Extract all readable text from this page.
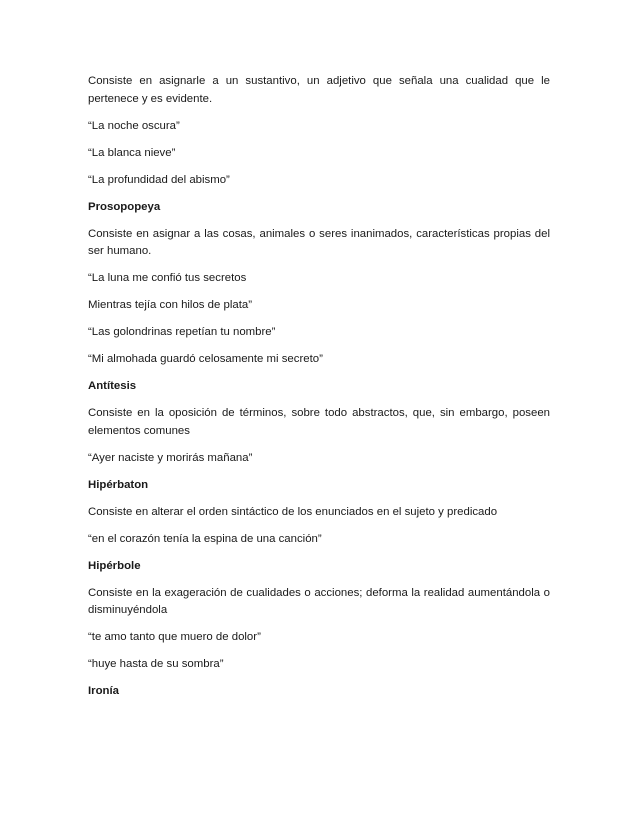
Consiste en asignarle a un sustantivo, un adjetivo que señala una cualidad que le
pertenece y es evidente.
“La noche oscura”
“La blanca nieve”
“La profundidad del abismo”
Prosopopeya
Consiste en asignar a las cosas, animales o seres inanimados, características propias del
ser humano.
“La luna me confió tus secretos
Mientras tejía con hilos de plata”
“Las golondrinas repetían tu nombre”
“Mi almohada guardó celosamente mi secreto”
Antítesis
Consiste en la oposición de términos, sobre todo abstractos, que, sin embargo, poseen
elementos comunes
“Ayer naciste y morirás mañana”
Hipérbaton
Consiste en alterar el orden sintáctico de los enunciados en el sujeto y predicado
“en el corazón tenía la espina de una canción”
Hipérbole
Consiste en la exageración de cualidades o acciones; deforma la realidad aumentándola o
disminuyéndola
“te amo tanto que muero de dolor”
“huye hasta de su sombra”
Ironía
